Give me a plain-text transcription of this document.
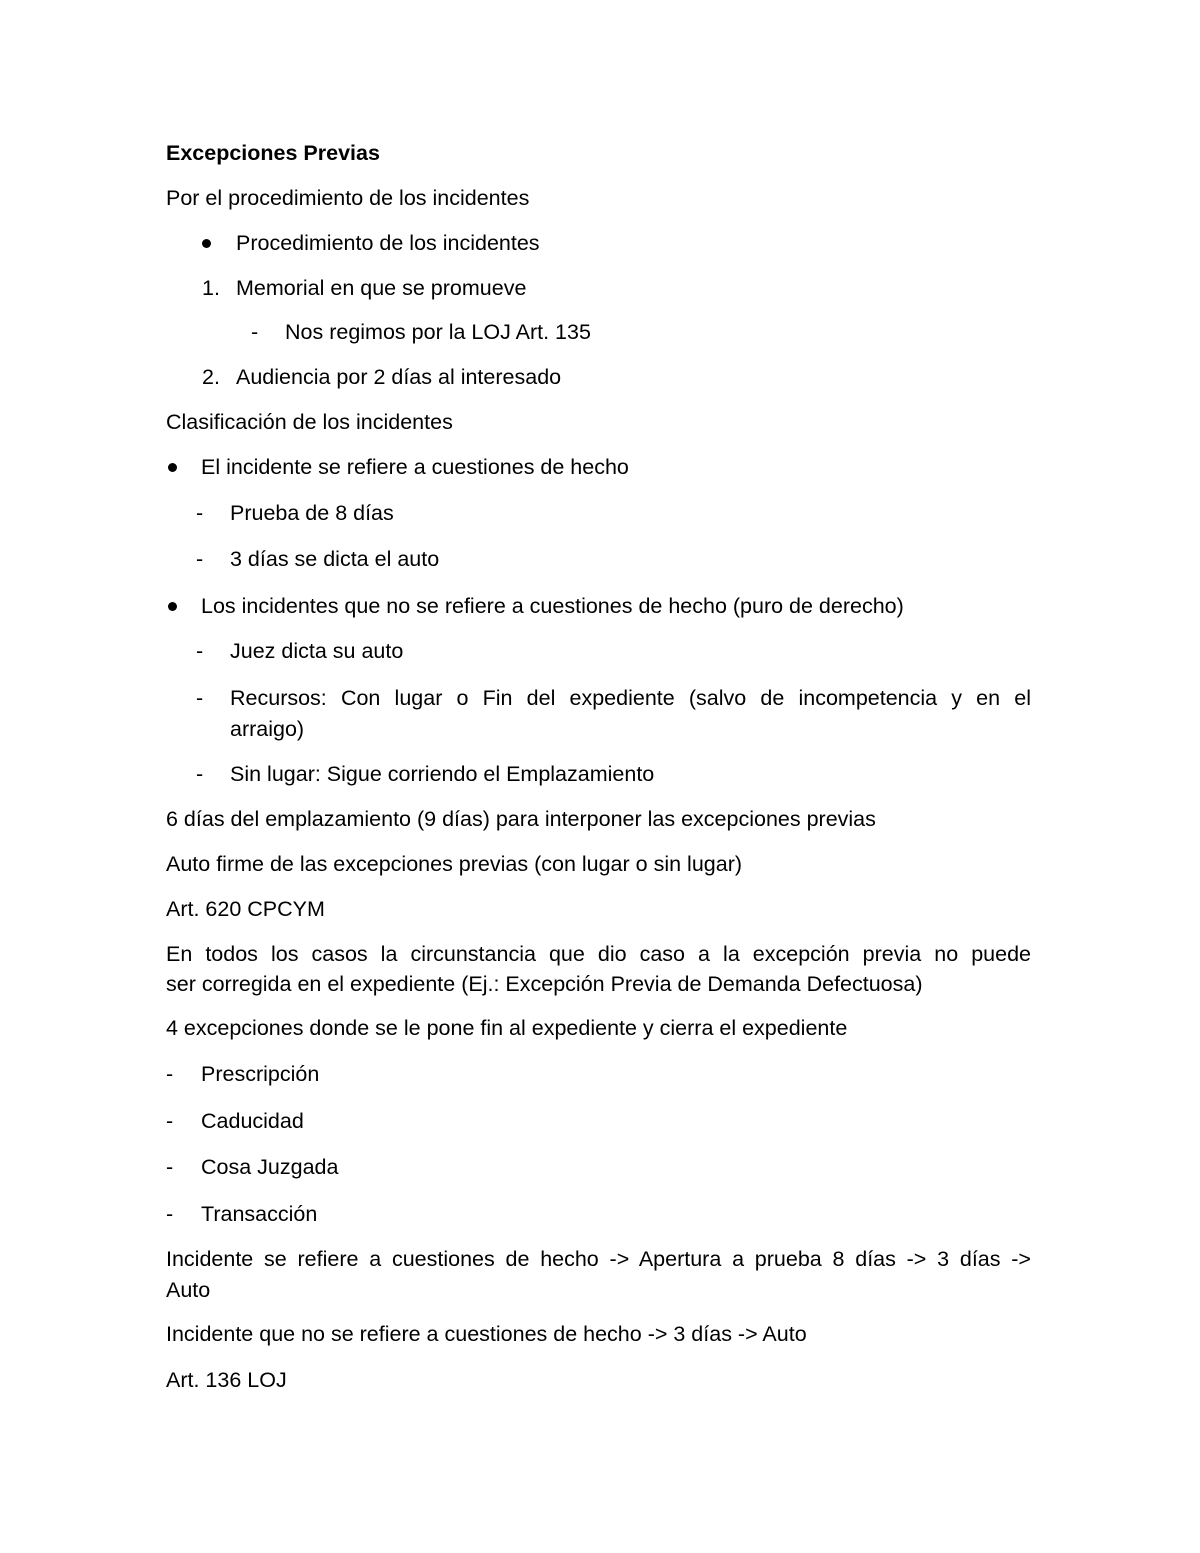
Excepciones Previas
Por el procedimiento de los incidentes
Procedimiento de los incidentes
1. Memorial en que se promueve
- Nos regimos por la LOJ Art. 135
2. Audiencia por 2 días al interesado
Clasificación de los incidentes
El incidente se refiere a cuestiones de hecho
- Prueba de 8 días
- 3 días se dicta el auto
Los incidentes que no se refiere a cuestiones de hecho (puro de derecho)
- Juez dicta su auto
- Recursos: Con lugar o Fin del expediente (salvo de incompetencia y en el
arraigo)
- Sin lugar: Sigue corriendo el Emplazamiento
6 días del emplazamiento (9 días) para interponer las excepciones previas
Auto firme de las excepciones previas (con lugar o sin lugar)
Art. 620 CPCYM
En todos los casos la circunstancia que dio caso a la excepción previa no puede
ser corregida en el expediente (Ej.: Excepción Previa de Demanda Defectuosa)
4 excepciones donde se le pone fin al expediente y cierra el expediente
- Prescripción
- Caducidad
- Cosa Juzgada
- Transacción
Incidente se refiere a cuestiones de hecho -> Apertura a prueba 8 días -> 3 días ->
Auto
Incidente que no se refiere a cuestiones de hecho -> 3 días -> Auto
Art. 136 LOJ
